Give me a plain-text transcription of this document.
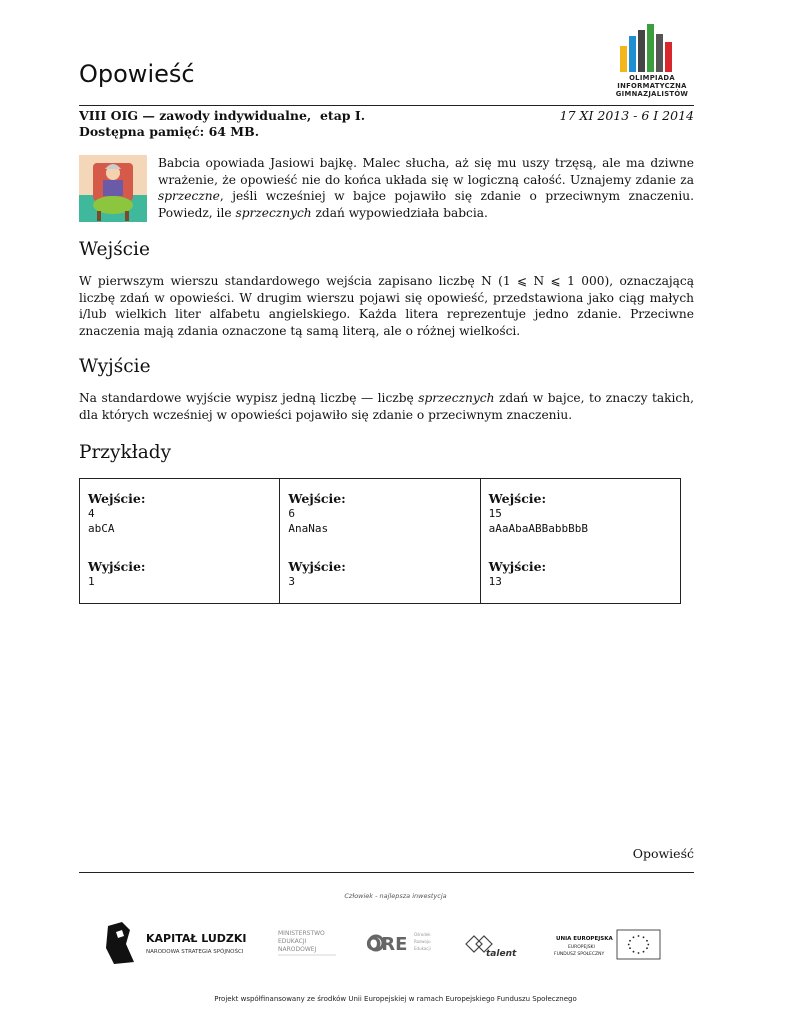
Opowieść	OLIMPIADA
INFORMATYCZNA
GIMNAZJALISTÓW
VIII OIG — zawody indywidualne,  etap I.
Dostępna pamięć: 64 MB.
17 XI 2013 - 6 I 2014
Babcia opowiada Jasiowi bajkę. Malec słucha, aż się mu uszy trzęsą, ale ma dziwne wrażenie, że opowieść nie do końca układa się w logiczną całość. Uznajemy zdanie za sprzeczne, jeśli wcześniej w bajce pojawiło się zdanie o przeciwnym znaczeniu. Powiedz, ile sprzecznych zdań wypowiedziała babcia.
Wejście
W pierwszym wierszu standardowego wejścia zapisano liczbę N (1 ⩽ N ⩽ 1 000), oznaczającą liczbę zdań w opowieści. W drugim wierszu pojawi się opowieść, przedstawiona jako ciąg małych i/lub wielkich liter alfabetu angielskiego. Każda litera reprezentuje jedno zdanie. Przeciwne znaczenia mają zdania oznaczone tą samą literą, ale o różnej wielkości.
Wyjście
Na standardowe wyjście wypisz jedną liczbę — liczbę sprzecznych zdań w bajce, to znaczy takich, dla których wcześniej w opowieści pojawiło się zdanie o przeciwnym znaczeniu.
Przykłady
Wejście:
4
abCA
Wyjście:
1
Wejście:
6
AnaNas
Wyjście:
3
Wejście:
15
aAaAbaABBabbBbB
Wyjście:
13
Opowieść
Człowiek - najlepsza inwestycja
KAPITAŁ LUDZKI
NARODOWA STRATEGIA SPÓJNOŚCI
MINISTERSTWO
EDUKACJI
NARODOWEJ	ORE Ośrodek
Rozwoju
Edukacji
talent
UNIA EUROPEJSKA
EUROPEJSKI
FUNDUSZ SPOŁECZNY
Projekt współfinansowany ze środków Unii Europejskiej w ramach Europejskiego Funduszu Społecznego
